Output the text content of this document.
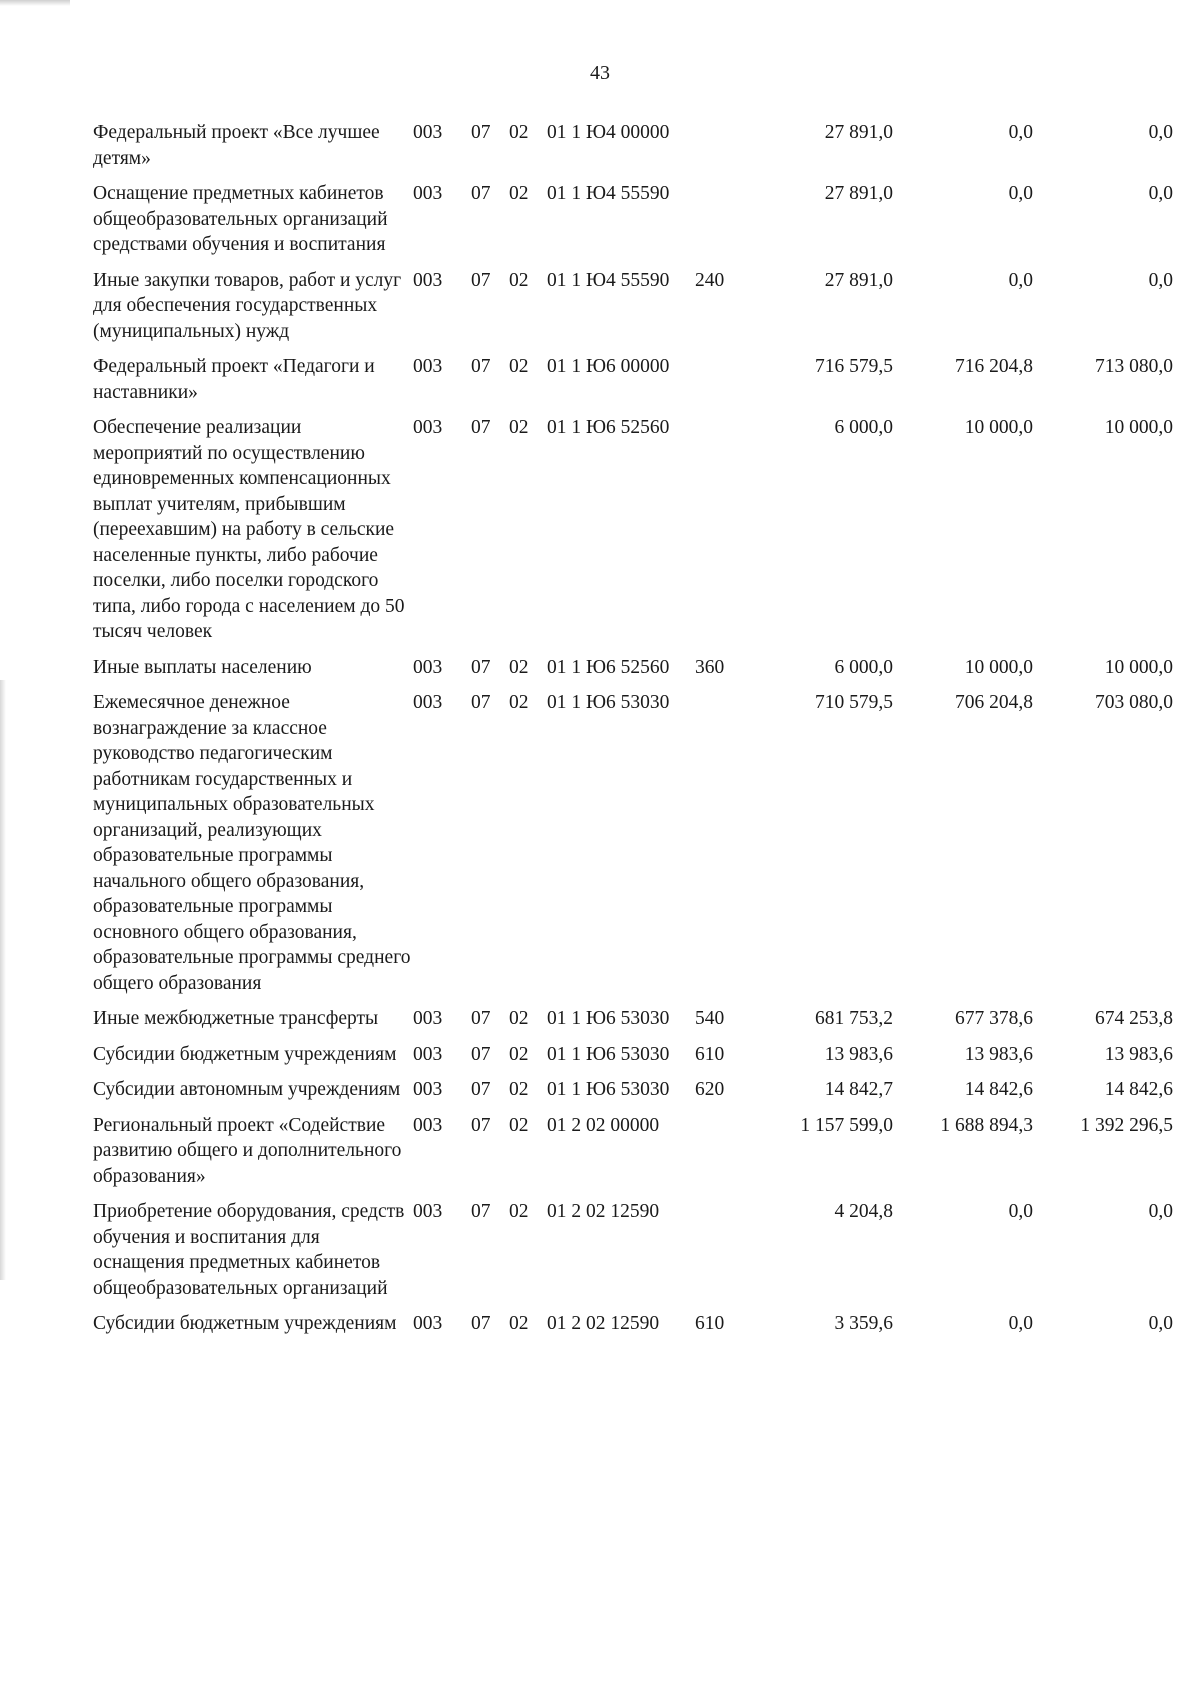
43
Федеральный проект «Все лучшее детям»	003	07	02	01 1 Ю4 00000		27 891,0	0,0	0,0
Оснащение предметных кабинетов общеобразовательных организаций средствами обучения и воспитания	003	07	02	01 1 Ю4 55590		27 891,0	0,0	0,0
Иные закупки товаров, работ и услуг для обеспечения государственных (муниципальных) нужд	003	07	02	01 1 Ю4 55590	240	27 891,0	0,0	0,0
Федеральный проект «Педагоги и наставники»	003	07	02	01 1 Ю6 00000		716 579,5	716 204,8	713 080,0
Обеспечение реализации мероприятий по осуществлению единовременных компенсационных выплат учителям, прибывшим (переехавшим) на работу в сельские населенные пункты, либо рабочие поселки, либо поселки городского типа, либо города с населением до 50 тысяч человек	003	07	02	01 1 Ю6 52560		6 000,0	10 000,0	10 000,0
Иные выплаты населению	003	07	02	01 1 Ю6 52560	360	6 000,0	10 000,0	10 000,0
Ежемесячное денежное вознаграждение за классное руководство педагогическим работникам государственных и муниципальных образовательных организаций, реализующих образовательные программы начального общего образования, образовательные программы основного общего образования, образовательные программы среднего общего образования	003	07	02	01 1 Ю6 53030		710 579,5	706 204,8	703 080,0
Иные межбюджетные трансферты	003	07	02	01 1 Ю6 53030	540	681 753,2	677 378,6	674 253,8
Субсидии бюджетным учреждениям	003	07	02	01 1 Ю6 53030	610	13 983,6	13 983,6	13 983,6
Субсидии автономным учреждениям	003	07	02	01 1 Ю6 53030	620	14 842,7	14 842,6	14 842,6
Региональный проект «Содействие развитию общего и дополнительного образования»	003	07	02	01 2 02 00000		1 157 599,0	1 688 894,3	1 392 296,5
Приобретение оборудования, средств обучения и воспитания для оснащения предметных кабинетов общеобразовательных организаций	003	07	02	01 2 02 12590		4 204,8	0,0	0,0
Субсидии бюджетным учреждениям	003	07	02	01 2 02 12590	610	3 359,6	0,0	0,0
